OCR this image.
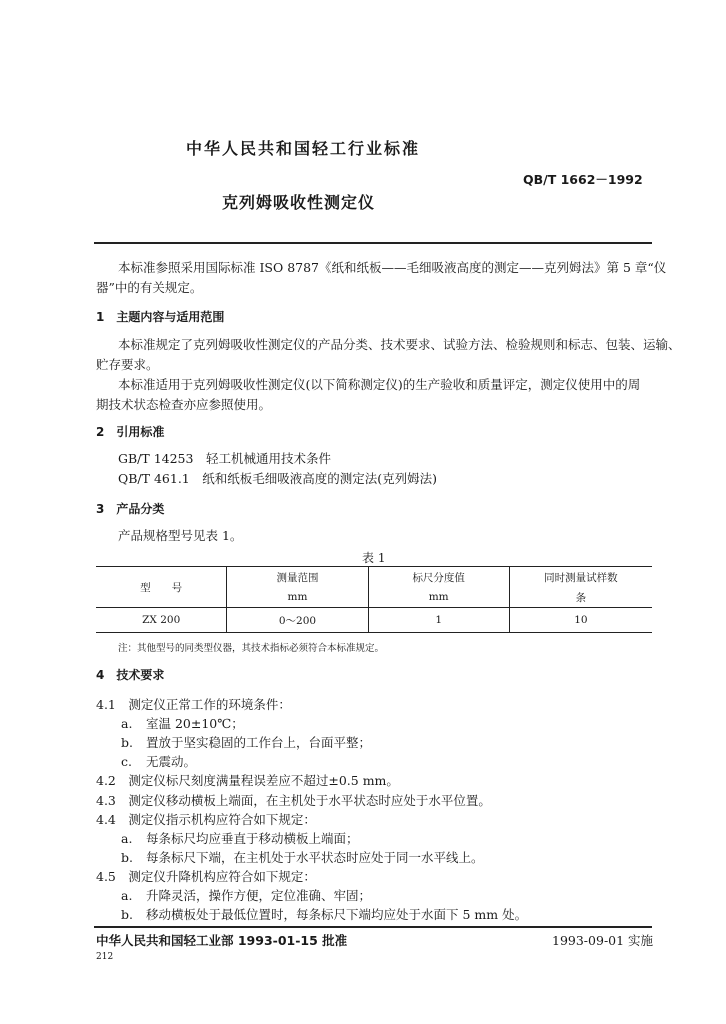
中华人民共和国轻工行业标准
QB/T 1662－1992
克列姆吸收性测定仪
本标准参照采用国际标准 ISO 8787《纸和纸板——毛细吸液高度的测定——克列姆法》第 5 章“仪
器”中的有关规定。
1　主题内容与适用范围
本标准规定了克列姆吸收性测定仪的产品分类、技术要求、试验方法、检验规则和标志、包装、运输、
贮存要求。
本标准适用于克列姆吸收性测定仪(以下简称测定仪)的生产验收和质量评定，测定仪使用中的周
期技术状态检查亦应参照使用。
2　引用标准
GB/T 14253　轻工机械通用技术条件
QB/T 461.1　纸和纸板毛细吸液高度的测定法(克列姆法)
3　产品分类
产品规格型号见表 1。
表 1

型　　号	测量范围	标尺分度值	同时测量试样数
	mm	mm	条

ZX 200	0～200	1	10

注：其他型号的同类型仪器，其技术指标必须符合本标准规定。
4　技术要求
4.1　测定仪正常工作的环境条件：
a. 室温 20±10℃；
b. 置放于坚实稳固的工作台上，台面平整；
c. 无震动。
4.2　测定仪标尺刻度满量程误差应不超过±0.5 mm。
4.3　测定仪移动横板上端面，在主机处于水平状态时应处于水平位置。
4.4　测定仪指示机构应符合如下规定：
a. 每条标尺均应垂直于移动横板上端面；
b. 每条标尺下端，在主机处于水平状态时应处于同一水平线上。
4.5　测定仪升降机构应符合如下规定：
a. 升降灵活，操作方便，定位准确、牢固；
b. 移动横板处于最低位置时，每条标尺下端均应处于水面下 5 mm 处。
中华人民共和国轻工业部 1993-01-15 批准	1993-09-01 实施
212
